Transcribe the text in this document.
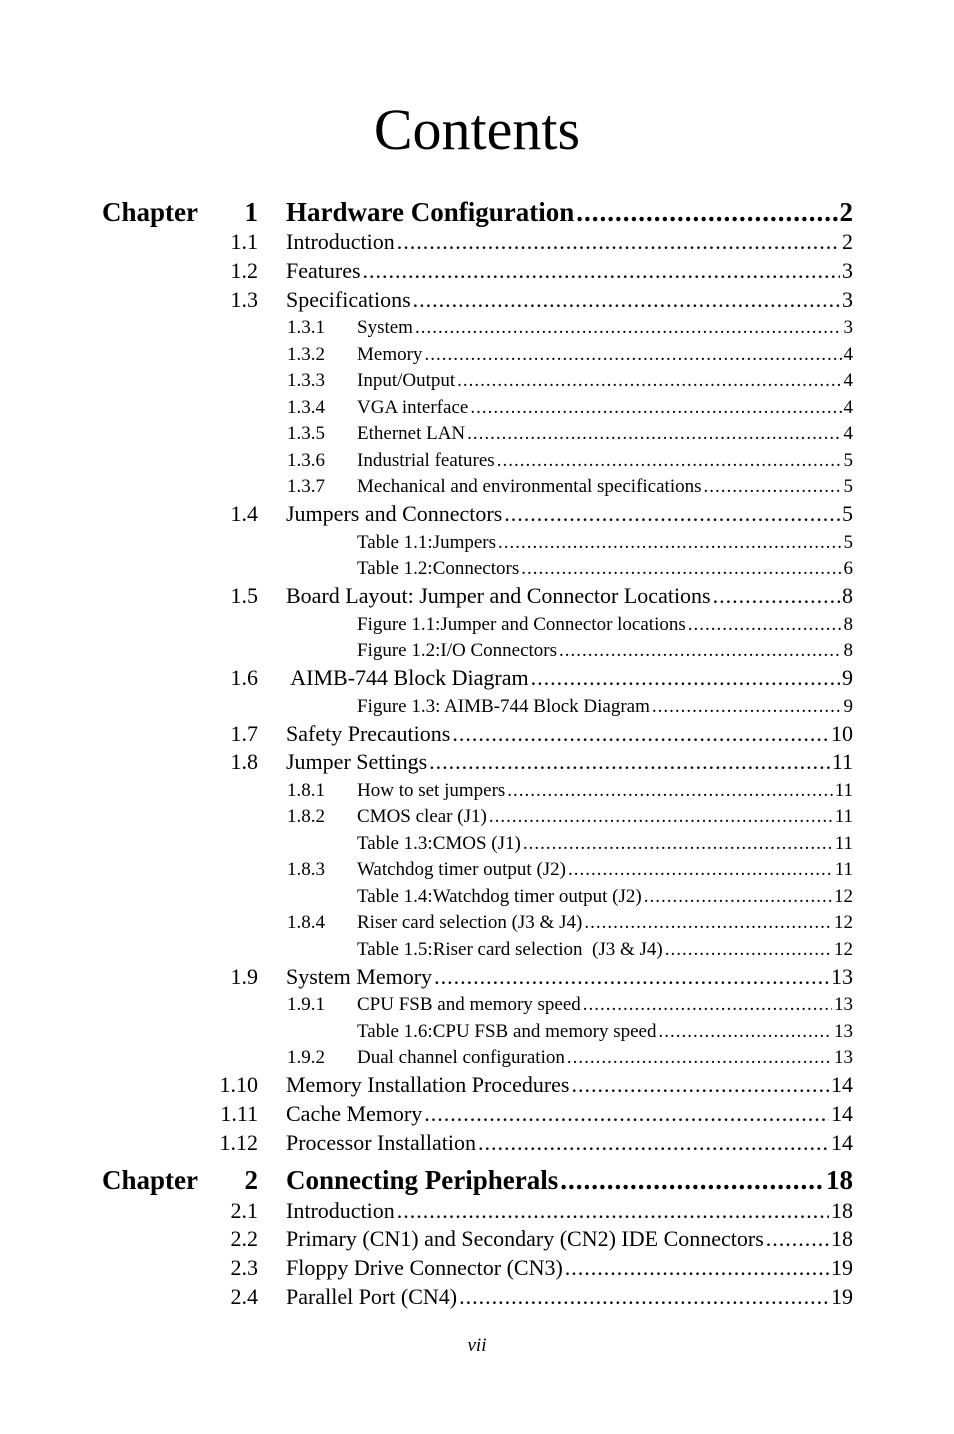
Contents
Chapter	1 Hardware Configuration .....	2
1.1 Introduction .....	2
1.2 Features .....	3
1.3 Specifications .....	3
1.3.1 System .....	3
1.3.2 Memory .....	4
1.3.3 Input/Output .....	4
1.3.4 VGA interface .....	4
1.3.5 Ethernet LAN .....	4
1.3.6 Industrial features .....	5
1.3.7 Mechanical and environmental specifications .....	5
1.4 Jumpers and Connectors .....	5
Table 1.1:Jumpers .....	5
Table 1.2:Connectors .....	6
1.5 Board Layout: Jumper and Connector Locations .....	8
Figure 1.1:Jumper and Connector locations .....	8
Figure 1.2:I/O Connectors .....	8
1.6 AIMB-744 Block Diagram .....	9
Figure 1.3: AIMB-744 Block Diagram .....	9
1.7 Safety Precautions .....	10
1.8 Jumper Settings .....	11
1.8.1 How to set jumpers .....	11
1.8.2 CMOS clear (J1) .....	11
Table 1.3:CMOS (J1) .....	11
1.8.3 Watchdog timer output (J2) .....	11
Table 1.4:Watchdog timer output (J2) .....	12
1.8.4 Riser card selection (J3 & J4) .....	12
Table 1.5:Riser card selection  (J3 & J4) .....	12
1.9 System Memory .....	13
1.9.1 CPU FSB and memory speed .....	13
Table 1.6:CPU FSB and memory speed .....	13
1.9.2 Dual channel configuration .....	13
1.10 Memory Installation Procedures .....	14
1.11 Cache Memory .....	14
1.12 Processor Installation .....	14
Chapter	2 Connecting Peripherals .....	18
2.1 Introduction .....	18
2.2 Primary (CN1) and Secondary (CN2) IDE Connectors .....	18
2.3 Floppy Drive Connector (CN3) .....	19
2.4 Parallel Port (CN4) .....	19
vii
